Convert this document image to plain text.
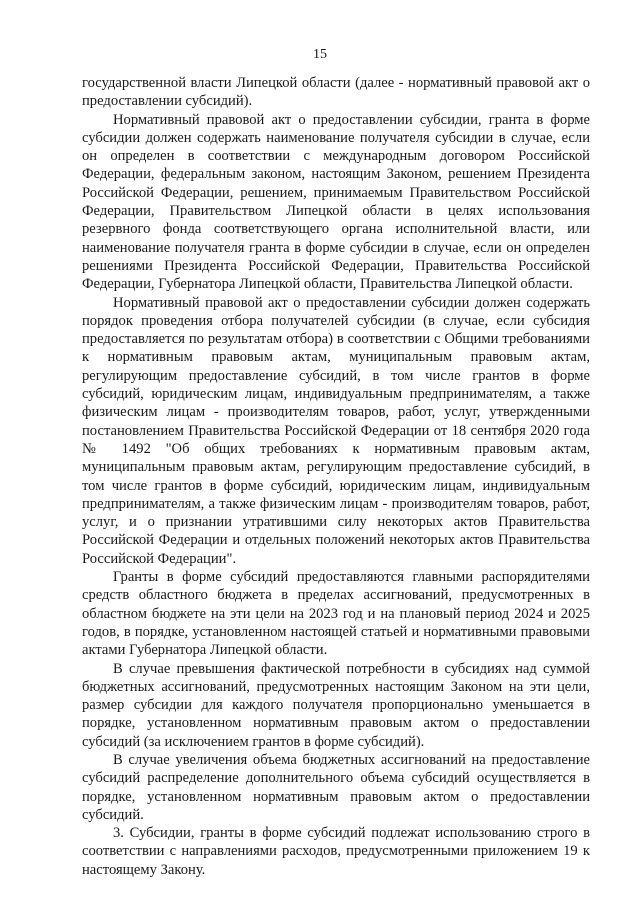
15

государственной власти Липецкой области (далее - нормативный правовой акт о предоставлении субсидий).

Нормативный правовой акт о предоставлении субсидии, гранта в форме субсидии должен содержать наименование получателя субсидии в случае, если он определен в соответствии с международным договором Российской Федерации, федеральным законом, настоящим Законом, решением Президента Российской Федерации, решением, принимаемым Правительством Российской Федерации, Правительством Липецкой области в целях использования резервного фонда соответствующего органа исполнительной власти, или наименование получателя гранта в форме субсидии в случае, если он определен решениями Президента Российской Федерации, Правительства Российской Федерации, Губернатора Липецкой области, Правительства Липецкой области.

Нормативный правовой акт о предоставлении субсидии должен содержать порядок проведения отбора получателей субсидии (в случае, если субсидия предоставляется по результатам отбора) в соответствии с Общими требованиями к нормативным правовым актам, муниципальным правовым актам, регулирующим предоставление субсидий, в том числе грантов в форме субсидий, юридическим лицам, индивидуальным предпринимателям, а также физическим лицам - производителям товаров, работ, услуг, утвержденными постановлением Правительства Российской Федерации от 18 сентября 2020 года № 1492 "Об общих требованиях к нормативным правовым актам, муниципальным правовым актам, регулирующим предоставление субсидий, в том числе грантов в форме субсидий, юридическим лицам, индивидуальным предпринимателям, а также физическим лицам - производителям товаров, работ, услуг, и о признании утратившими силу некоторых актов Правительства Российской Федерации и отдельных положений некоторых актов Правительства Российской Федерации".

Гранты в форме субсидий предоставляются главными распорядителями средств областного бюджета в пределах ассигнований, предусмотренных в областном бюджете на эти цели на 2023 год и на плановый период 2024 и 2025 годов, в порядке, установленном настоящей статьей и нормативными правовыми актами Губернатора Липецкой области.

В случае превышения фактической потребности в субсидиях над суммой бюджетных ассигнований, предусмотренных настоящим Законом на эти цели, размер субсидии для каждого получателя пропорционально уменьшается в порядке, установленном нормативным правовым актом о предоставлении субсидий (за исключением грантов в форме субсидий).

В случае увеличения объема бюджетных ассигнований на предоставление субсидий распределение дополнительного объема субсидий осуществляется в порядке, установленном нормативным правовым актом о предоставлении субсидий.

3. Субсидии, гранты в форме субсидий подлежат использованию строго в соответствии с направлениями расходов, предусмотренными приложением 19 к настоящему Закону.
